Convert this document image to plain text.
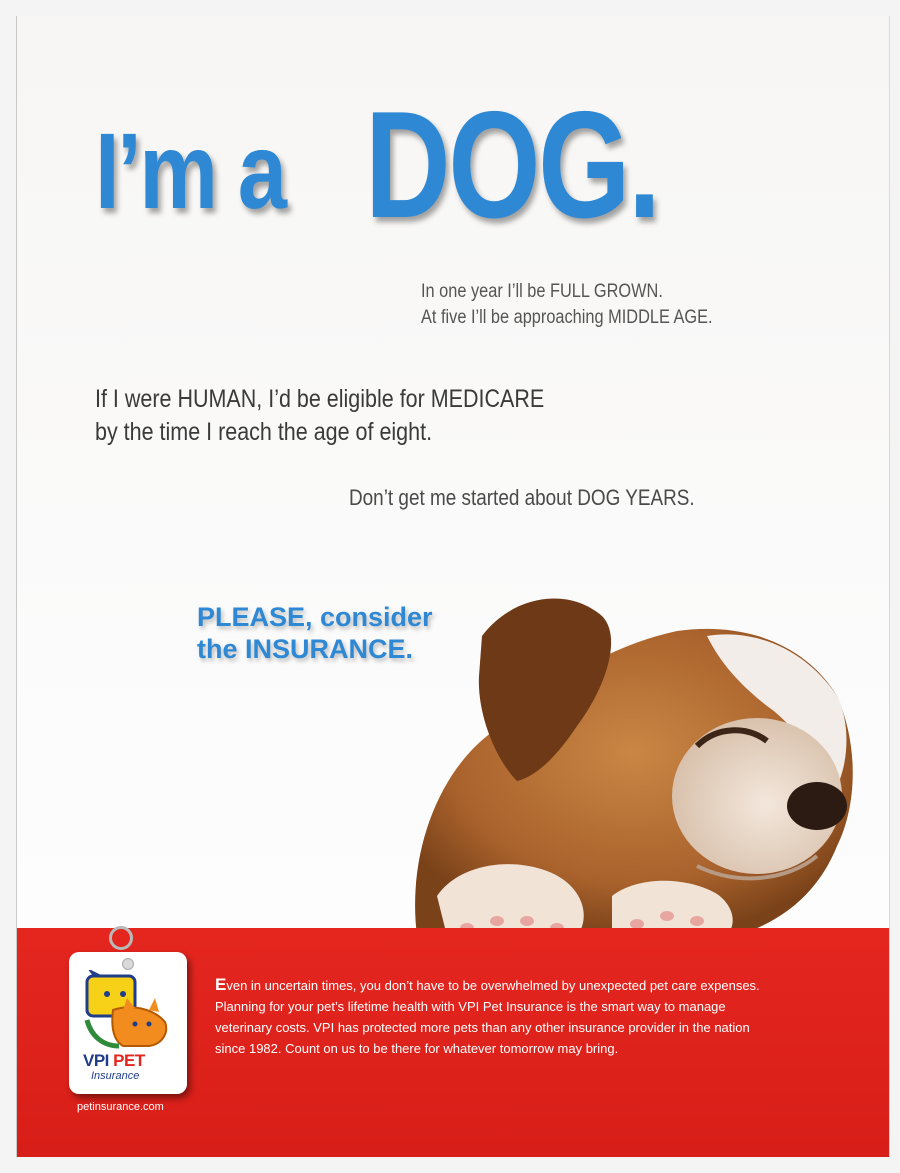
I’m a DOG.
In one year I’ll be FULL GROWN.
At five I’ll be approaching MIDDLE AGE.
If I were HUMAN, I’d be eligible for MEDICARE
by the time I reach the age of eight.
Don’t get me started about DOG YEARS.
PLEASE, consider
the INSURANCE.
VPI PET
Insurance
petinsurance.com

Even in uncertain times, you don’t have to be overwhelmed by unexpected pet care expenses.

Planning for your pet’s lifetime health with VPI Pet Insurance is the smart way to manage

veterinary costs. VPI has protected more pets than any other insurance provider in the nation

since 1982. Count on us to be there for whatever tomorrow may bring.
